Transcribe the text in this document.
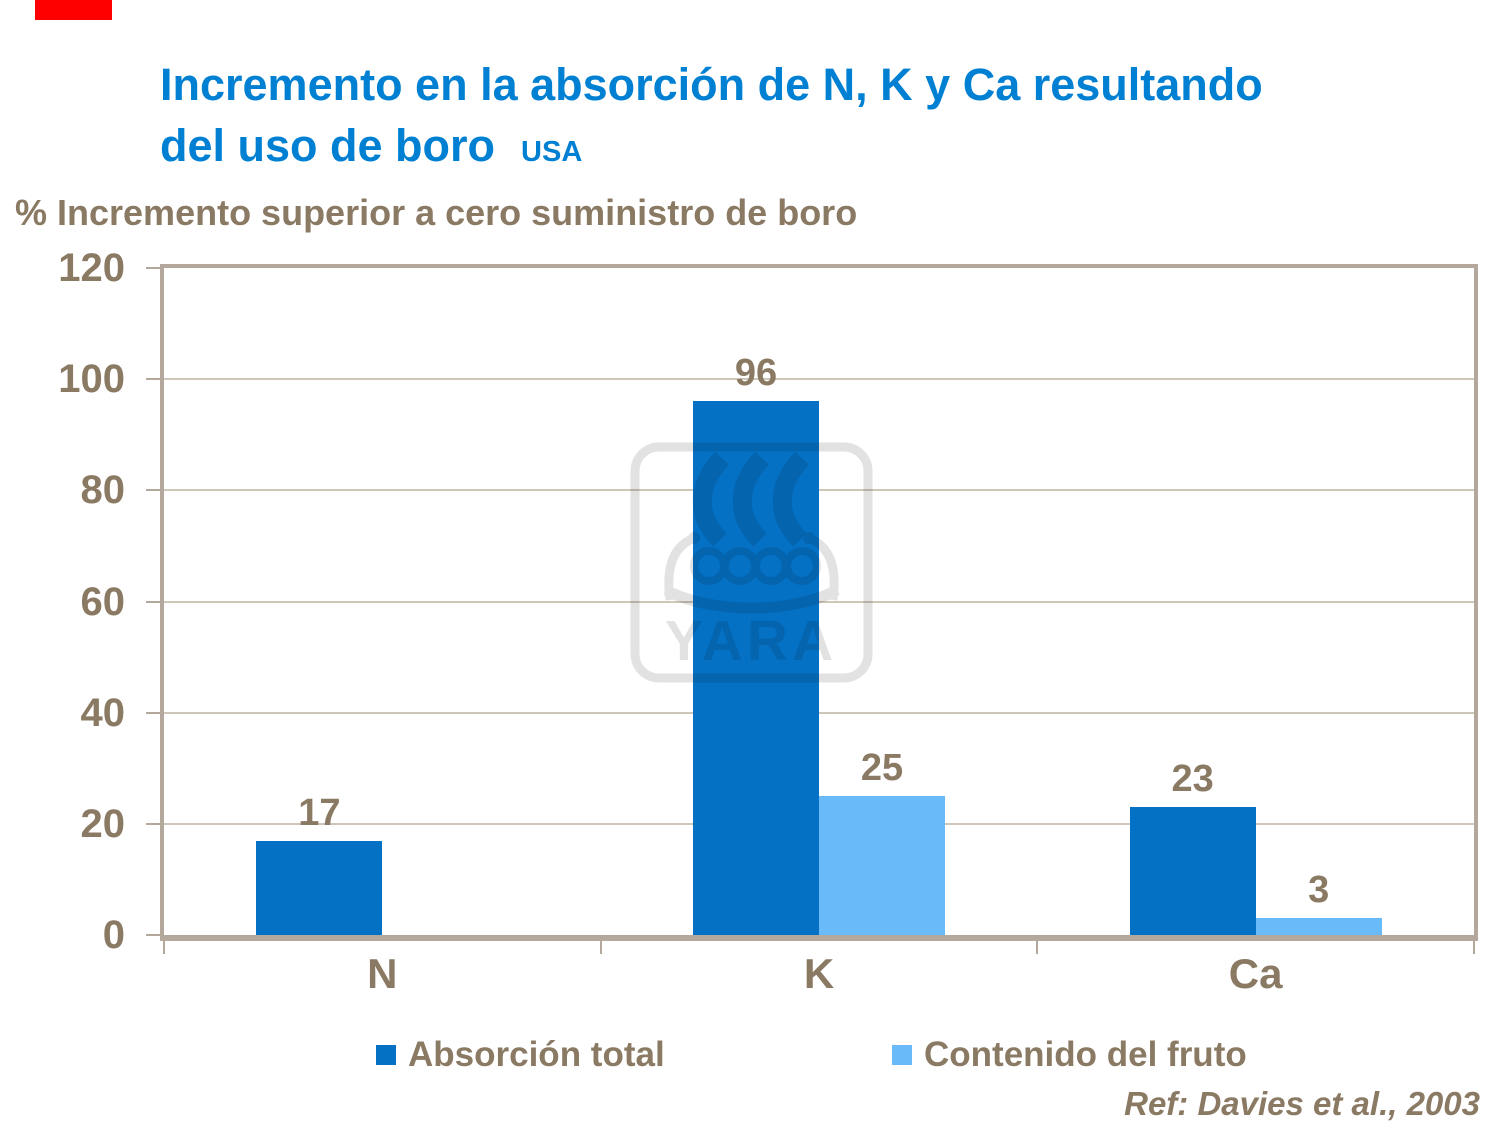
Incremento en la absorción de N, K y Ca resultando
del uso de boro USA
% Incremento superior a cero suministro de boro
17
96
25	23
3
0
20
40
60
80
100
120
N	K	Ca
Absorción total	Contenido del fruto
Ref: Davies et al., 2003
YARA
